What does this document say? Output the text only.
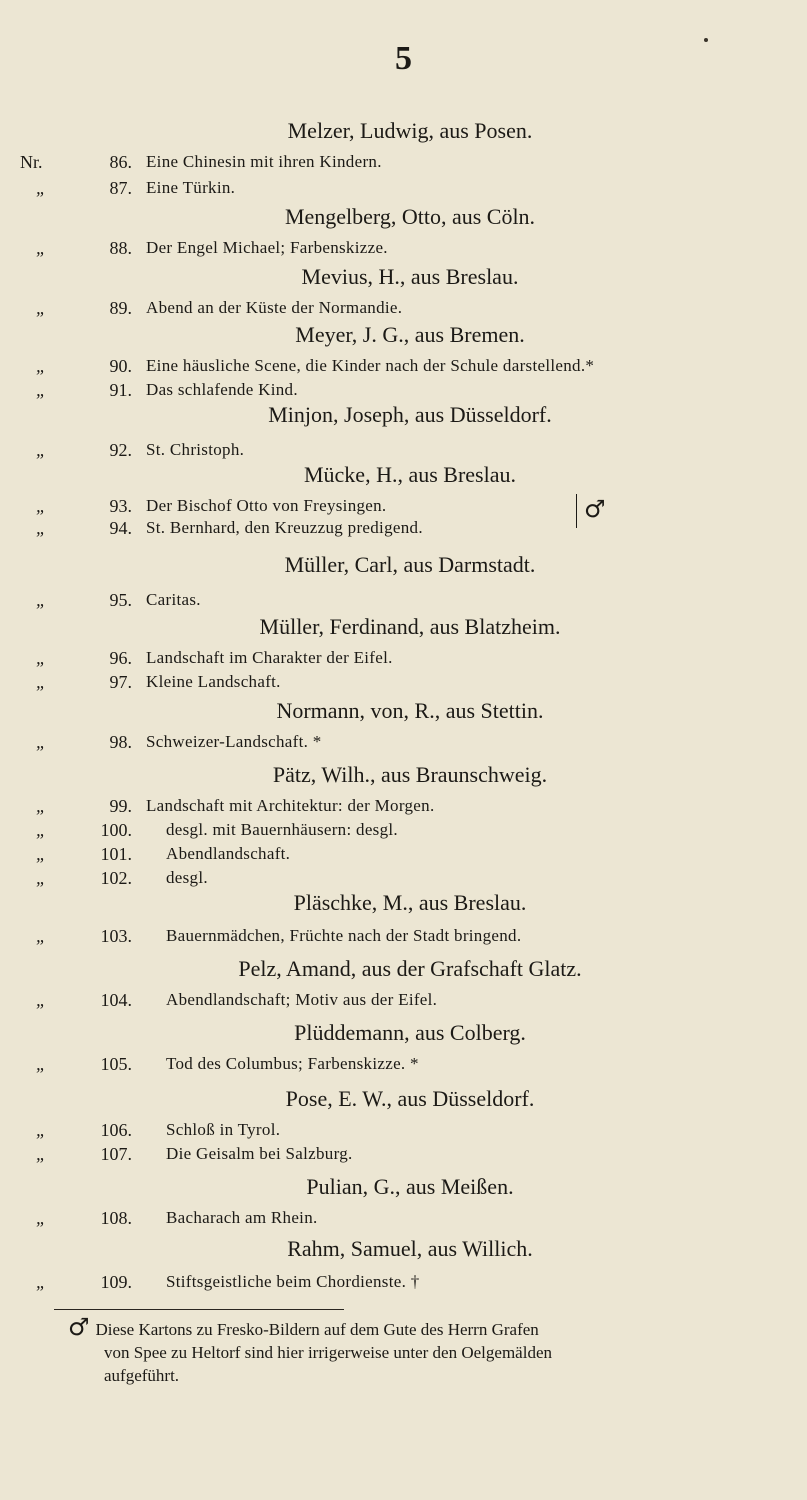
5
Melzer, Ludwig, aus Posen.
Nr.	86. Eine Chinesin mit ihren Kindern.
„	87. Eine Türkin.
Mengelberg, Otto, aus Cöln.
„	88. Der Engel Michael; Farbenskizze.
Mevius, H., aus Breslau.
„	89. Abend an der Küste der Normandie.
Meyer, J. G., aus Bremen.
„	90. Eine häusliche Scene, die Kinder nach der Schule darstellend.*
„	91. Das schlafende Kind.
Minjon, Joseph, aus Düsseldorf.
„	92. St. Christoph.
Mücke, H., aus Breslau.
„	93. Der Bischof Otto von Freysingen.
„	94. St. Bernhard, den Kreuzzug predigend.
♂
Müller, Carl, aus Darmstadt.
„	95. Caritas.
Müller, Ferdinand, aus Blatzheim.
„	96. Landschaft im Charakter der Eifel.
„	97. Kleine Landschaft.
Normann, von, R., aus Stettin.
„	98. Schweizer-Landschaft. *
Pätz, Wilh., aus Braunschweig.
„	99. Landschaft mit Architektur: der Morgen.
„	100. desgl. mit Bauernhäusern: desgl.
„	101. Abendlandschaft.
„	102. desgl.
Pläschke, M., aus Breslau.
„	103. Bauernmädchen, Früchte nach der Stadt bringend.
Pelz, Amand, aus der Grafschaft Glatz.
„	104. Abendlandschaft; Motiv aus der Eifel.
Plüddemann, aus Colberg.
„	105. Tod des Columbus; Farbenskizze. *
Pose, E. W., aus Düsseldorf.
„	106. Schloß in Tyrol.
„	107. Die Geisalm bei Salzburg.
Pulian, G., aus Meißen.
„	108. Bacharach am Rhein.
Rahm, Samuel, aus Willich.
„	109. Stiftsgeistliche beim Chordienste. †
♂ Diese Kartons zu Fresko-Bildern auf dem Gute des Herrn Grafen
von Spee zu Heltorf sind hier irrigerweise unter den Oelgemälden
aufgeführt.
